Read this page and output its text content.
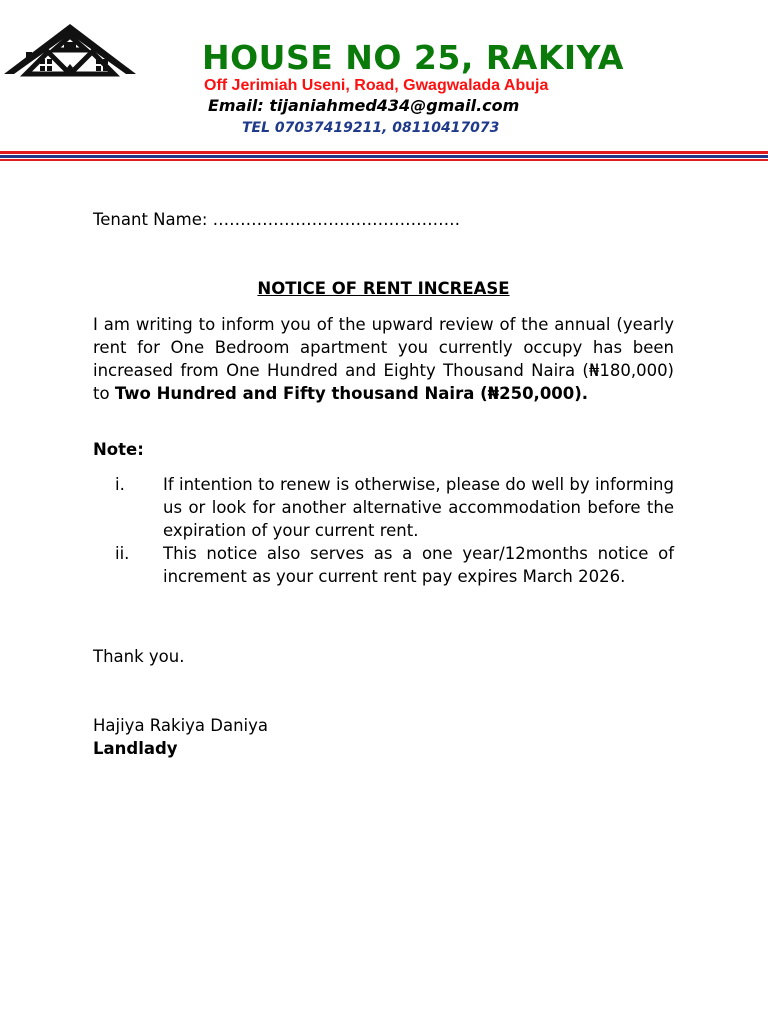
HOUSE NO 25, RAKIYA
Off Jerimiah Useni, Road, Gwagwalada Abuja
Email: tijaniahmed434@gmail.com
TEL 07037419211, 08110417073
Tenant Name: ………………………………………
NOTICE OF RENT INCREASE
I am writing to inform you of the upward review of the annual (yearly rent for One Bedroom apartment you currently occupy has been increased from One Hundred and Eighty Thousand Naira (₦180,000) to Two Hundred and Fifty thousand Naira (₦250,000).
Note:
i. If intention to renew is otherwise, please do well by informing us or look for another alternative accommodation before the expiration of your current rent.
ii. This notice also serves as a one year/12months notice of increment as your current rent pay expires March 2026.
Thank you.
Hajiya Rakiya Daniya
Landlady
